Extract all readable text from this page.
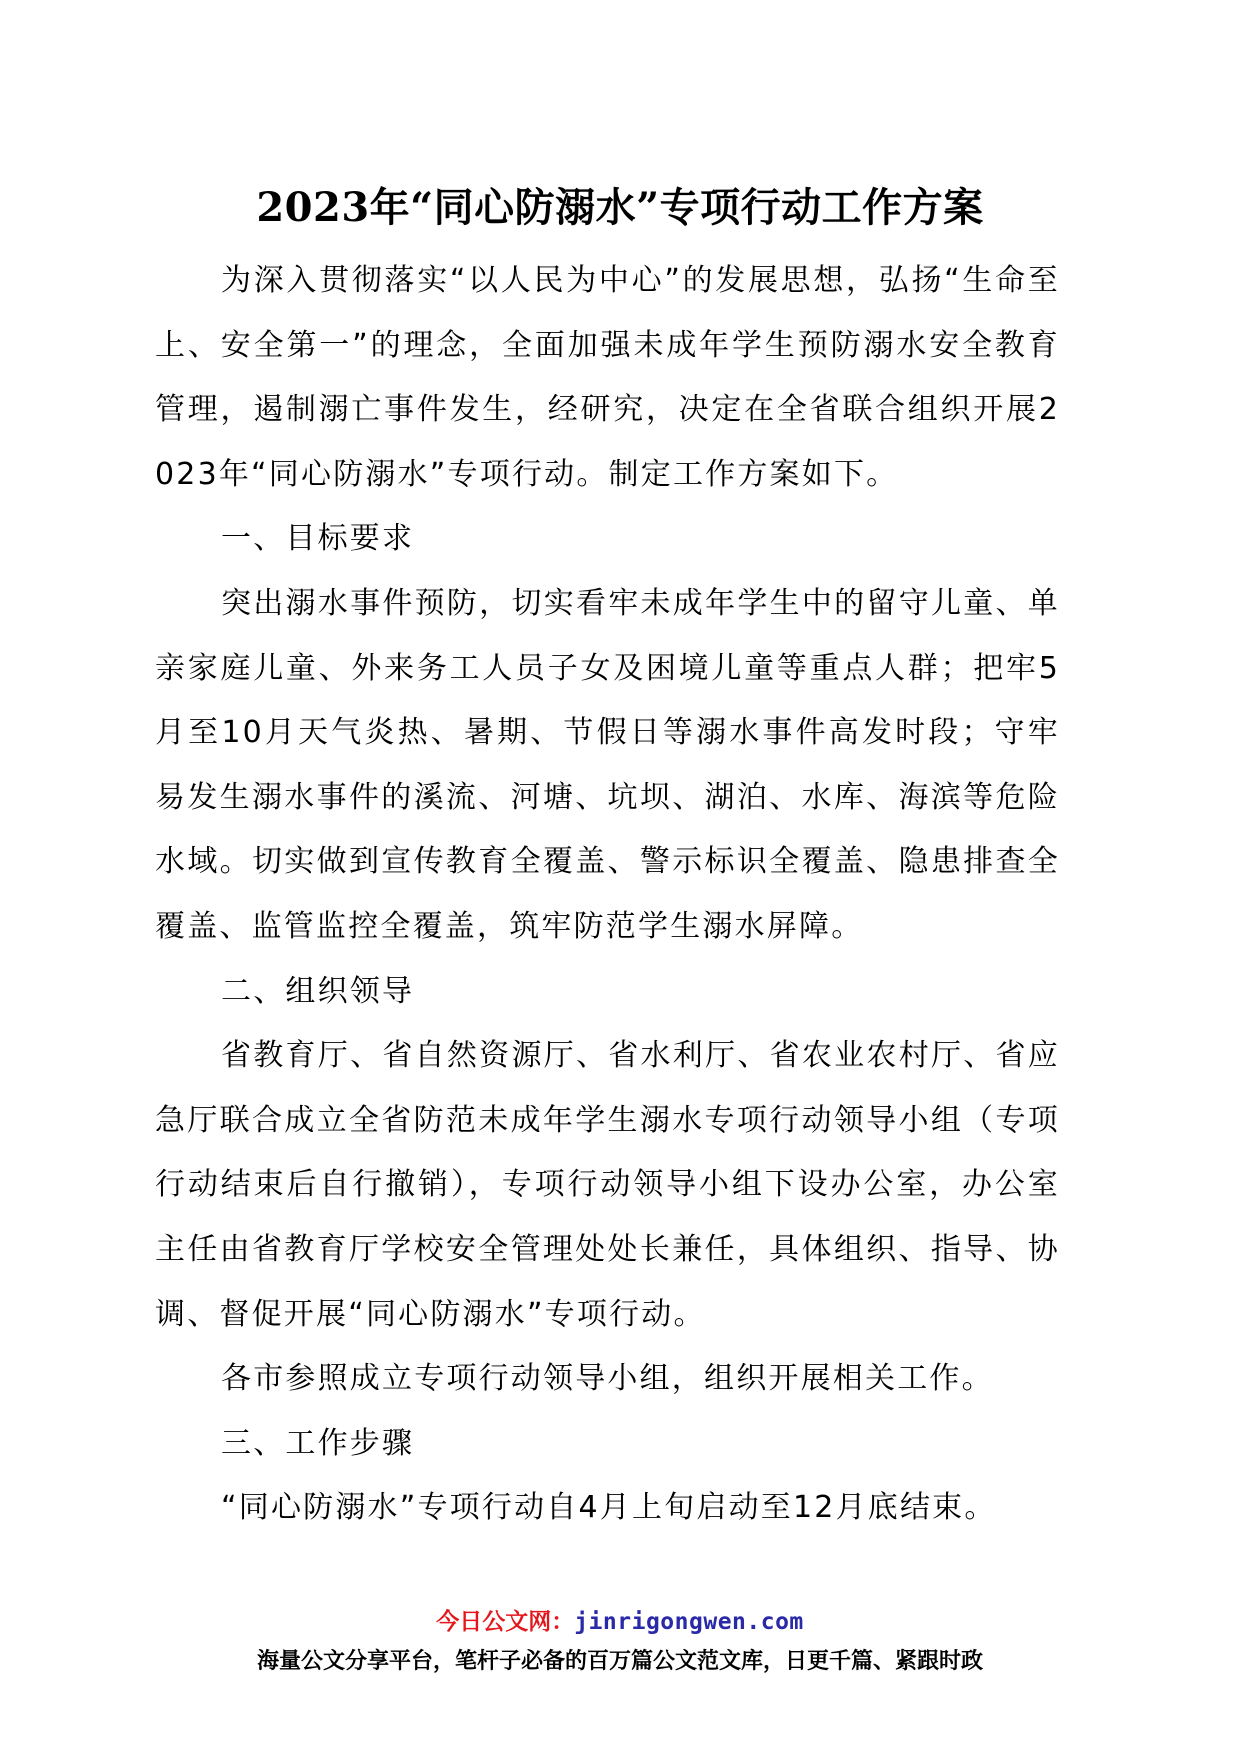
2023年“同心防溺水”专项行动工作方案

为深入贯彻落实“以人民为中心”的发展思想，弘扬“生命至上、安全第一”的理念，全面加强未成年学生预防溺水安全教育管理，遏制溺亡事件发生，经研究，决定在全省联合组织开展2023年“同心防溺水”专项行动。制定工作方案如下。

一、目标要求

突出溺水事件预防，切实看牢未成年学生中的留守儿童、单亲家庭儿童、外来务工人员子女及困境儿童等重点人群；把牢5月至10月天气炎热、暑期、节假日等溺水事件高发时段；守牢易发生溺水事件的溪流、河塘、坑坝、湖泊、水库、海滨等危险水域。切实做到宣传教育全覆盖、警示标识全覆盖、隐患排查全覆盖、监管监控全覆盖，筑牢防范学生溺水屏障。

二、组织领导

省教育厅、省自然资源厅、省水利厅、省农业农村厅、省应急厅联合成立全省防范未成年学生溺水专项行动领导小组（专项行动结束后自行撤销），专项行动领导小组下设办公室，办公室主任由省教育厅学校安全管理处处长兼任，具体组织、指导、协调、督促开展“同心防溺水”专项行动。

各市参照成立专项行动领导小组，组织开展相关工作。

三、工作步骤

“同心防溺水”专项行动自4月上旬启动至12月底结束。

今日公文网：jinrigongwen.com
海量公文分享平台，笔杆子必备的百万篇公文范文库，日更千篇、紧跟时政
